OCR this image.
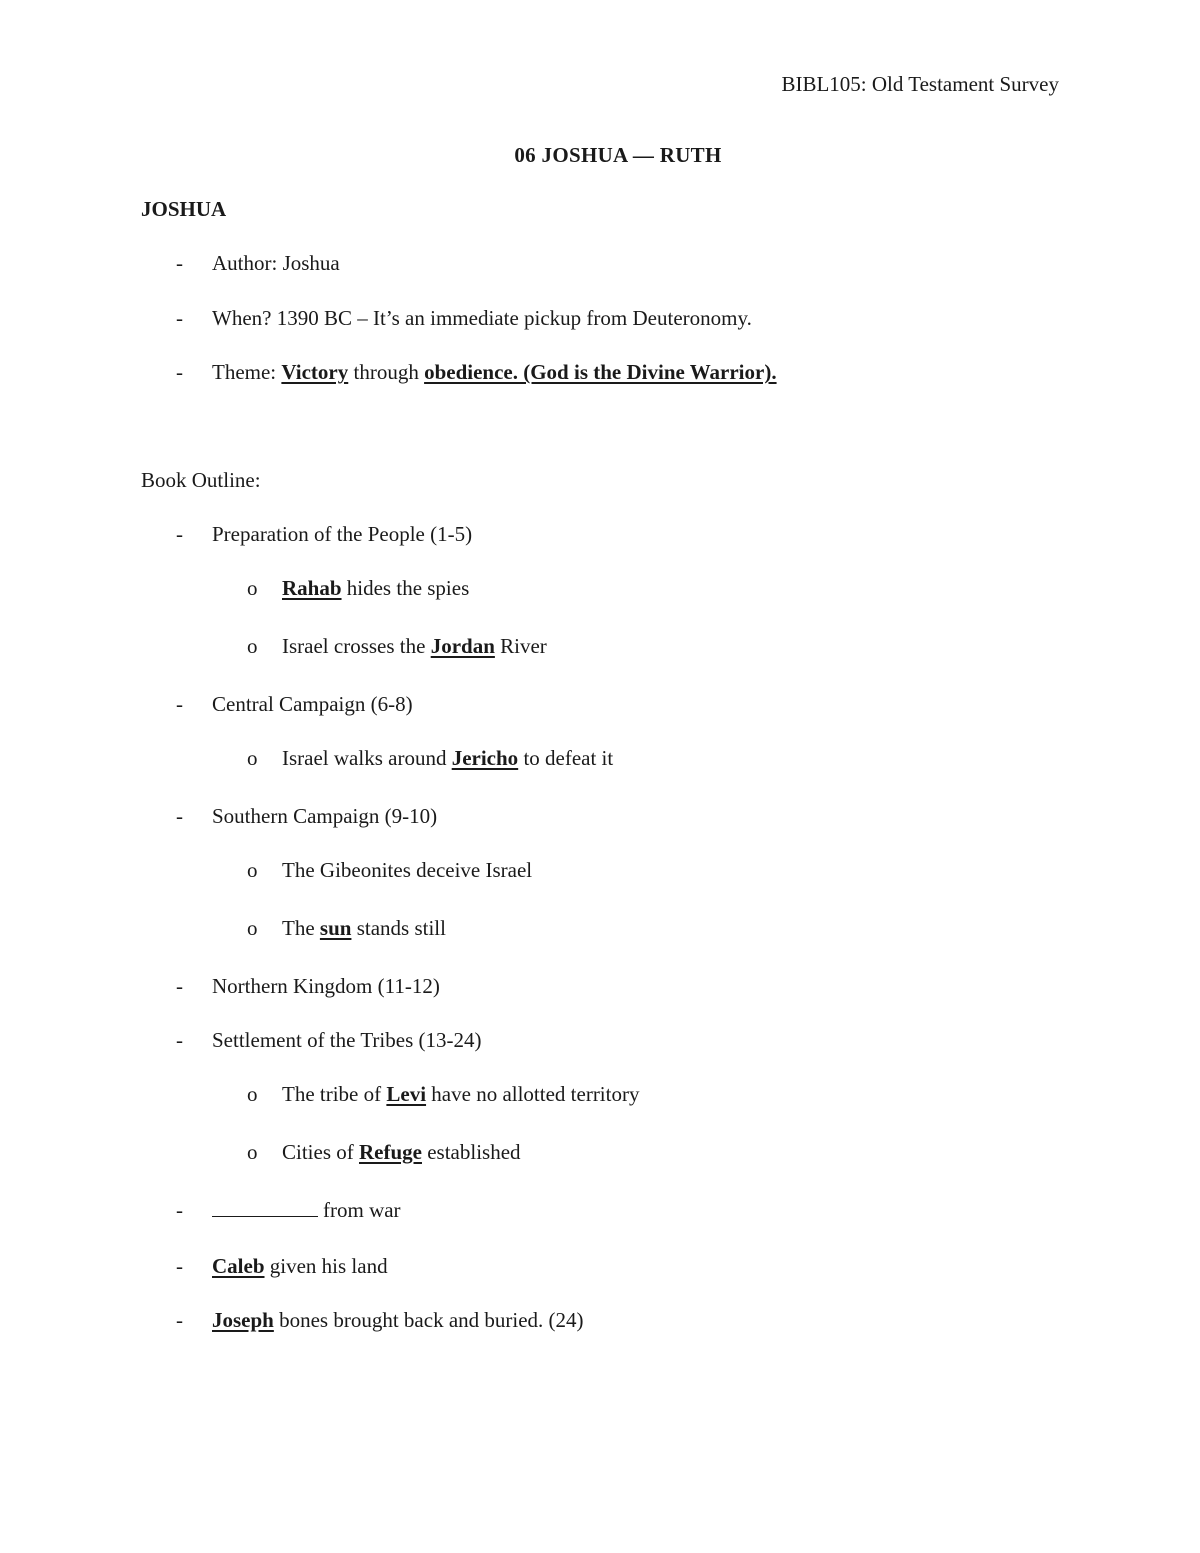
BIBL105: Old Testament Survey
06 JOSHUA — RUTH
JOSHUA
- Author: Joshua
- When? 1390 BC – It’s an immediate pickup from Deuteronomy.
- Theme: Victory through obedience. (God is the Divine Warrior).
Book Outline:
- Preparation of the People (1-5)
o Rahab hides the spies
o Israel crosses the Jordan River
- Central Campaign (6-8)
o Israel walks around Jericho to defeat it
- Southern Campaign (9-10)
o The Gibeonites deceive Israel
o The sun stands still
- Northern Kingdom (11-12)
- Settlement of the Tribes (13-24)
o The tribe of Levi have no allotted territory
o Cities of Refuge established
-	from war
- Caleb given his land
- Joseph bones brought back and buried. (24)
